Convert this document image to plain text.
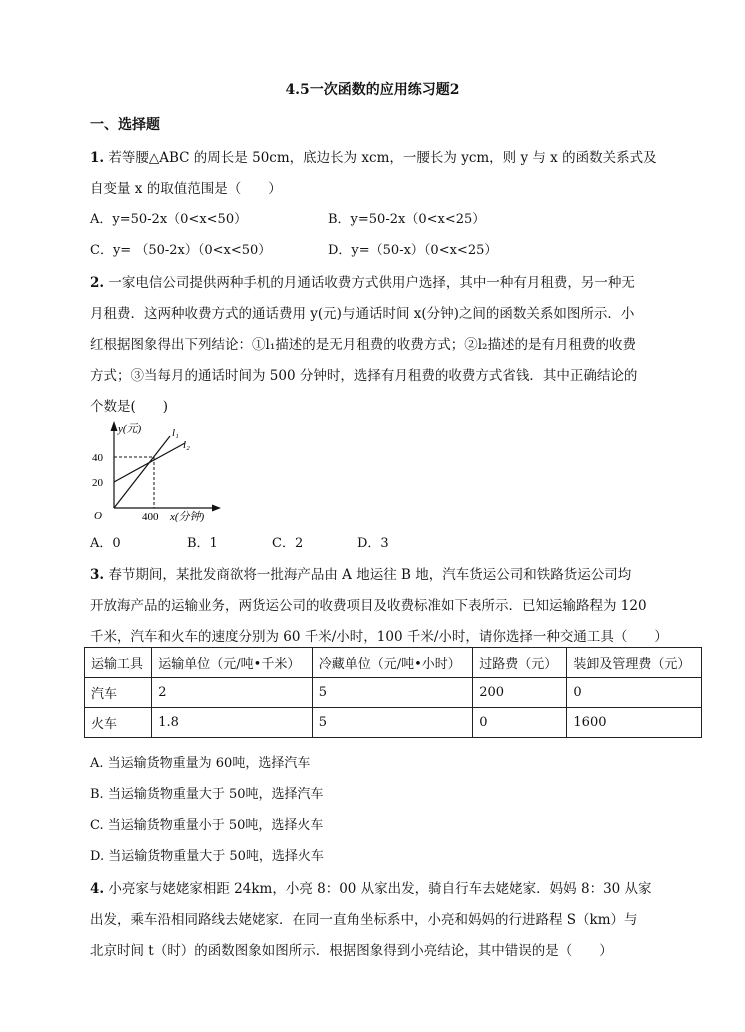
4.5一次函数的应用练习题2
一、选择题
1. 若等腰△ABC 的周长是 50cm，底边长为 xcm，一腰长为 ycm，则 y 与 x 的函数关系式及
自变量 x 的取值范围是（　　）
A．y=50-2x（0<x<50）	B．y=50-2x（0<x<25）
C．y= （50-2x）（0<x<50）	D．y=（50-x）（0<x<25）
2. 一家电信公司提供两种手机的月通话收费方式供用户选择，其中一种有月租费，另一种无
月租费．这两种收费方式的通话费用 y(元)与通话时间 x(分钟)之间的函数关系如图所示．小
红根据图象得出下列结论：①l₁描述的是无月租费的收费方式；②l₂描述的是有月租费的收费
方式；③当每月的通话时间为 500 分钟时，选择有月租费的收费方式省钱．其中正确结论的
个数是(　　)
y(元)
x(分钟)
O
40
20
400
l₁
l₂
A．0	B．1	C．2	D．3
3. 春节期间，某批发商欲将一批海产品由 A 地运往 B 地，汽车货运公司和铁路货运公司均
开放海产品的运输业务，两货运公司的收费项目及收费标准如下表所示．已知运输路程为 120
千米，汽车和火车的速度分别为 60 千米/小时，100 千米/小时，请你选择一种交通工具（　　）
运输工具	运输单位（元/吨•千米）	冷藏单位（元/吨•小时）	过路费（元）	装卸及管理费（元）
汽车	2	5	200	0
火车	1.8	5	0	1600
A. 当运输货物重量为 60吨，选择汽车
B. 当运输货物重量大于 50吨，选择汽车
C. 当运输货物重量小于 50吨，选择火车
D. 当运输货物重量大于 50吨，选择火车
4. 小亮家与姥姥家相距 24km，小亮 8：00 从家出发，骑自行车去姥姥家．妈妈 8：30 从家
出发，乘车沿相同路线去姥姥家．在同一直角坐标系中，小亮和妈妈的行进路程 S（km）与
北京时间 t（时）的函数图象如图所示．根据图象得到小亮结论，其中错误的是（　　）
